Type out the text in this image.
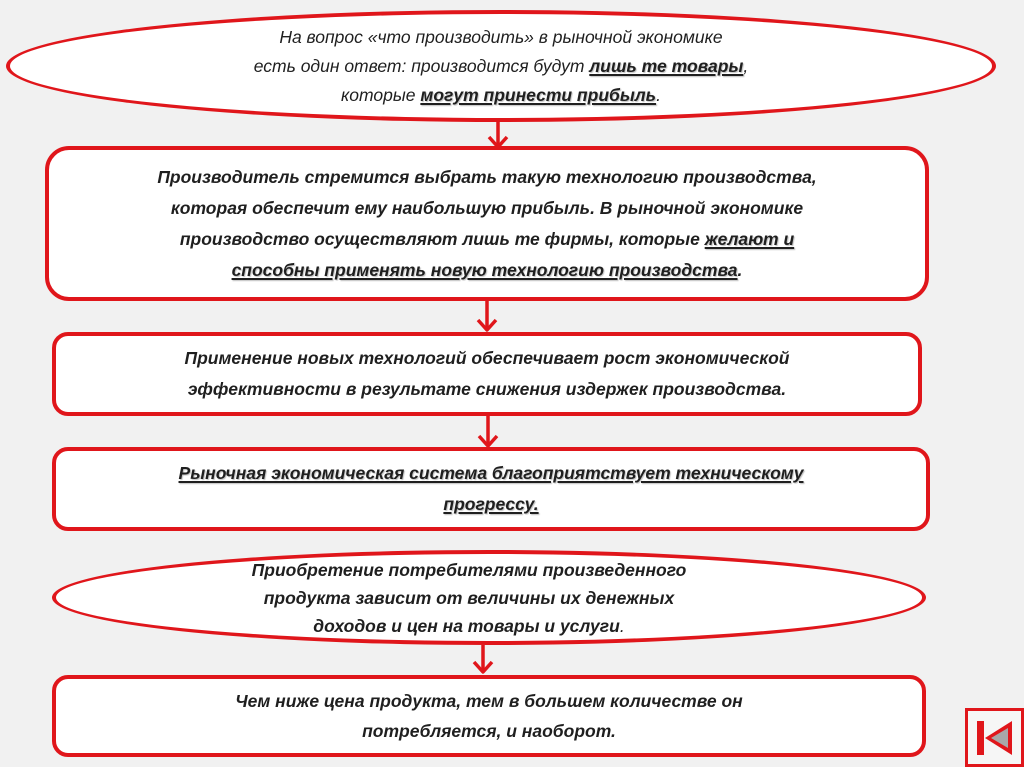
На вопрос «что производить» в рыночной экономике
есть один ответ: производится будут лишь те товары,
которые могут принести прибыль.
Производитель стремится выбрать такую технологию производства,
которая обеспечит ему наибольшую прибыль. В рыночной экономике
производство осуществляют лишь те фирмы, которые желают и
способны применять новую технологию производства.
Применение новых технологий обеспечивает рост экономической
эффективности в результате снижения издержек производства.
Рыночная экономическая система благоприятствует техническому
прогрессу.
Приобретение потребителями произведенного
продукта зависит от величины их денежных
доходов и цен на товары и услуги.
Чем ниже цена продукта, тем в большем количестве он
потребляется, и наоборот.
